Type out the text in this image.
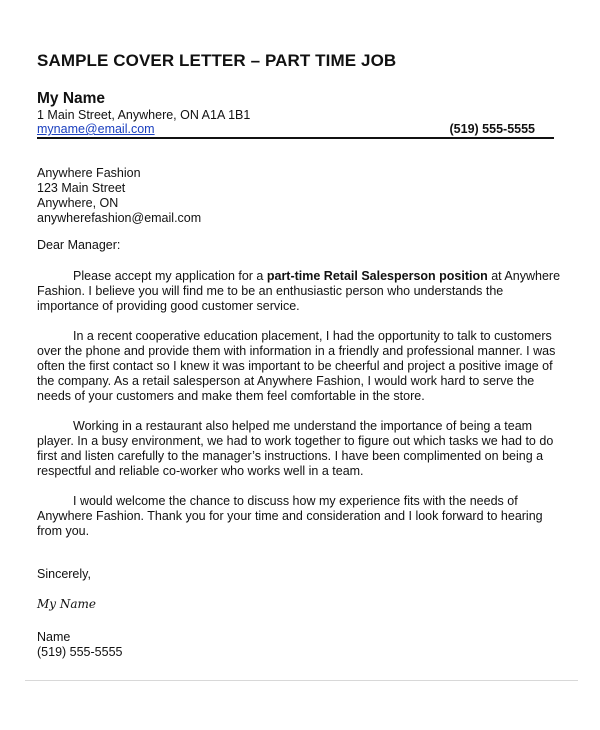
SAMPLE COVER LETTER – PART TIME JOB
My Name
1 Main Street, Anywhere, ON A1A 1B1
myname@email.com	(519) 555-5555
Anywhere Fashion
123 Main Street
Anywhere, ON
anywherefashion@email.com
Dear Manager:

Please accept my application for a part-time Retail Salesperson position at Anywhere Fashion. I believe you will find me to be an enthusiastic person who understands the importance of providing good customer service.

In a recent cooperative education placement, I had the opportunity to talk to customers over the phone and provide them with information in a friendly and professional manner. I was often the first contact so I knew it was important to be cheerful and project a positive image of the company. As a retail salesperson at Anywhere Fashion, I would work hard to serve the needs of your customers and make them feel comfortable in the store.

Working in a restaurant also helped me understand the importance of being a team player. In a busy environment, we had to work together to figure out which tasks we had to do first and listen carefully to the manager’s instructions. I have been complimented on being a respectful and reliable co-worker who works well in a team.

I would welcome the chance to discuss how my experience fits with the needs of Anywhere Fashion. Thank you for your time and consideration and I look forward to hearing from you.

Sincerely,
My Name
Name
(519) 555-5555
